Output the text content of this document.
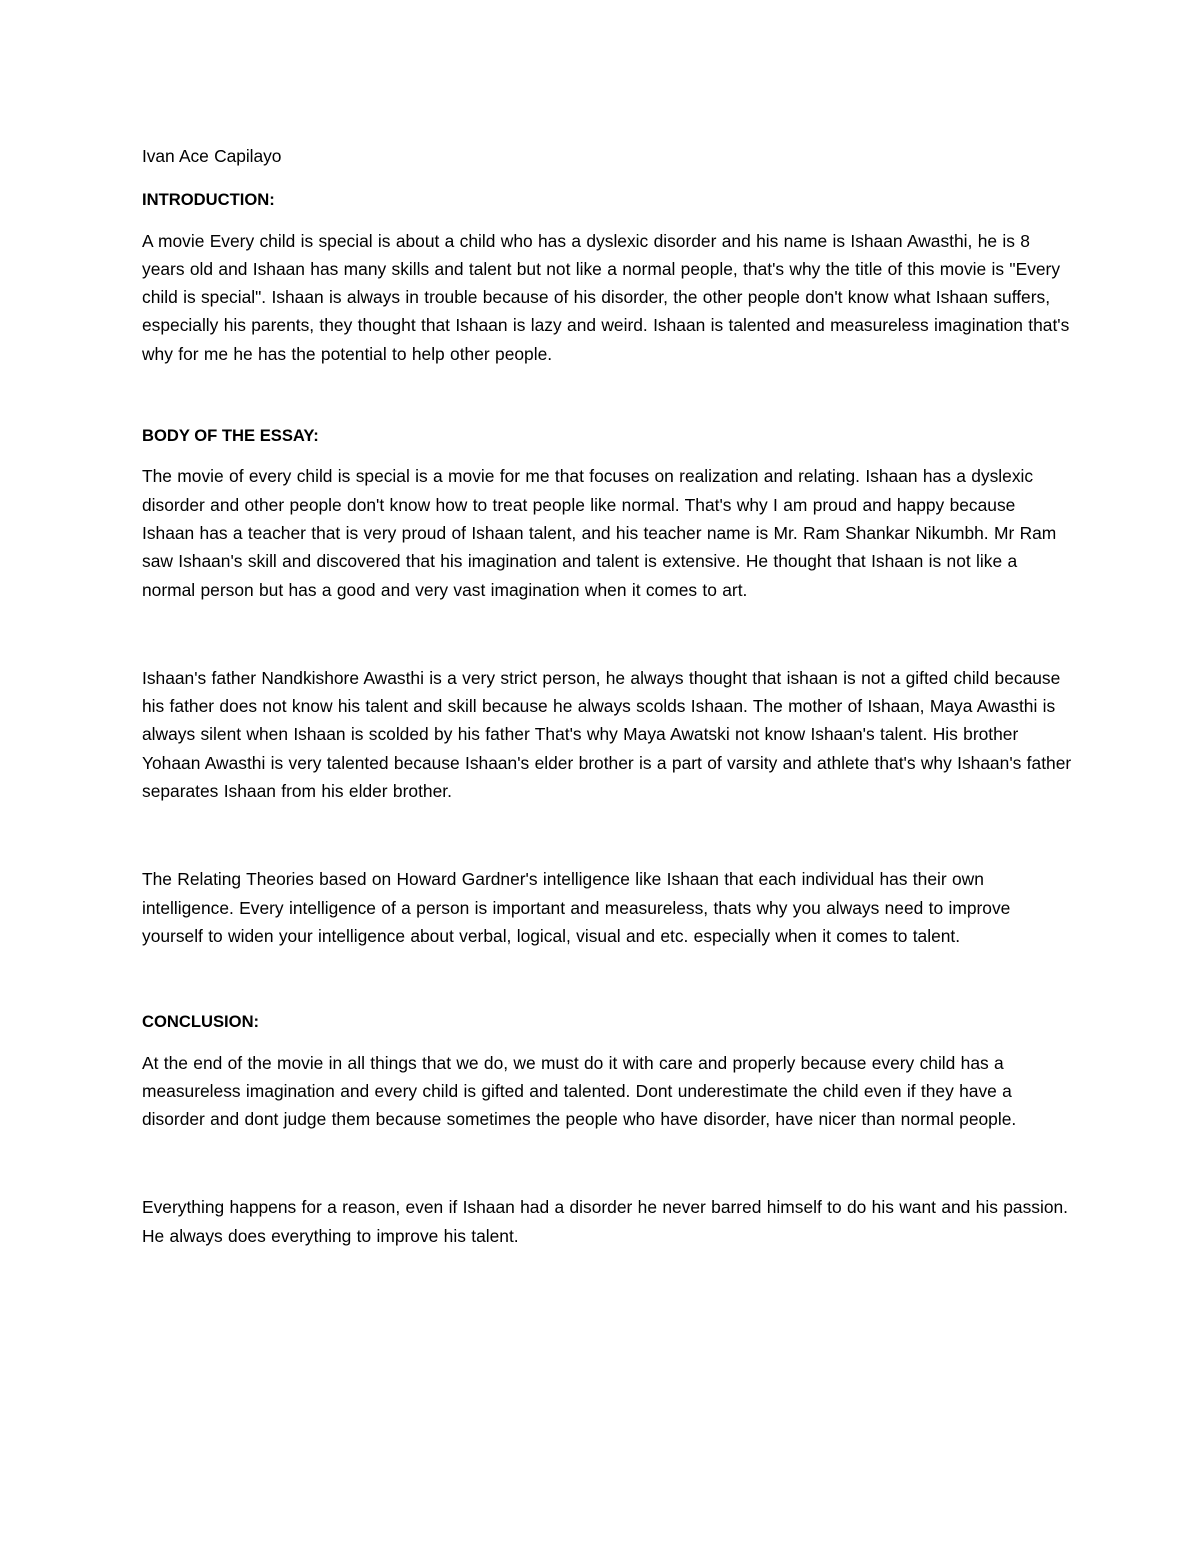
Ivan Ace Capilayo

INTRODUCTION:

A movie Every child is special is about a child who has a dyslexic disorder and his name is Ishaan Awasthi, he is 8 years old and Ishaan has many skills and talent but not like a normal people, that's why the title of this movie is "Every child is special". Ishaan is always in trouble because of his disorder, the other people don't know what Ishaan suffers, especially his parents, they thought that Ishaan is lazy and weird. Ishaan is talented and measureless imagination that's why for me he has the potential to help other people.

BODY OF THE ESSAY:

The movie of every child is special is a movie for me that focuses on realization and relating. Ishaan has a dyslexic disorder and other people don't know how to treat people like normal. That's why I am proud and happy because Ishaan has a teacher that is very proud of Ishaan talent, and his teacher name is Mr. Ram Shankar Nikumbh. Mr Ram saw Ishaan's skill and discovered that his imagination and talent is extensive. He thought that Ishaan is not like a normal person but has a good and very vast imagination when it comes to art.

Ishaan's father Nandkishore Awasthi is a very strict person, he always thought that ishaan is not a gifted child because his father does not know his talent and skill because he always scolds Ishaan. The mother of Ishaan, Maya Awasthi is always silent when Ishaan is scolded by his father That's why Maya Awatski not know Ishaan's talent. His brother Yohaan Awasthi is very talented because Ishaan's elder brother is a part of varsity and athlete that's why Ishaan's father separates Ishaan from his elder brother.

The Relating Theories based on Howard Gardner's intelligence like Ishaan that each individual has their own intelligence. Every intelligence of a person is important and measureless, thats why you always need to improve yourself to widen your intelligence about verbal, logical, visual and etc. especially when it comes to talent.

CONCLUSION:

At the end of the movie in all things that we do, we must do it with care and properly because every child has a measureless imagination and every child is gifted and talented. Dont underestimate the child even if they have a disorder and dont judge them because sometimes the people who have disorder, have nicer than normal people.

Everything happens for a reason, even if Ishaan had a disorder he never barred himself to do his want and his passion. He always does everything to improve his talent.
